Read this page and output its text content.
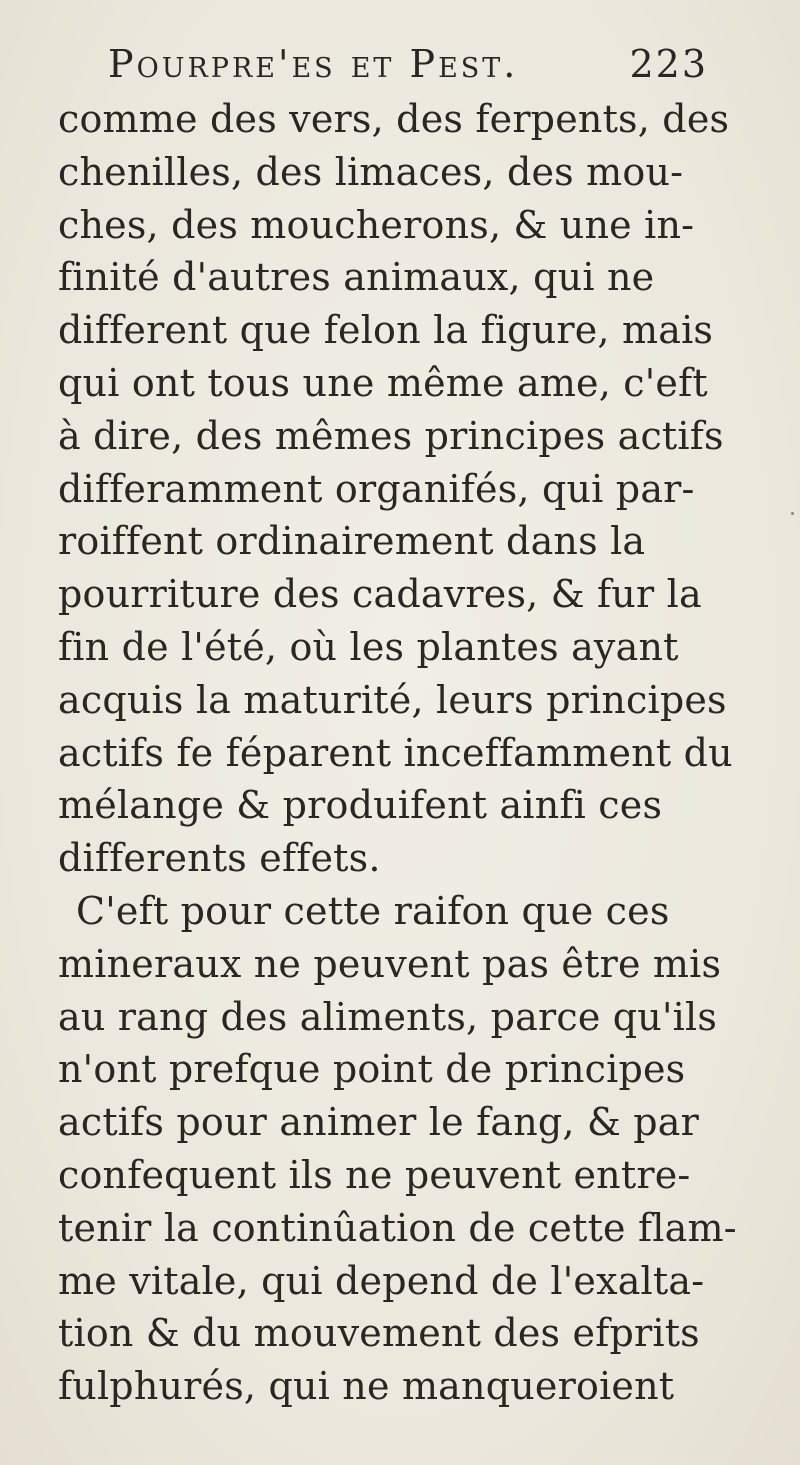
Pourpre'es et Pest.	223
comme des vers, des ferpents, des
chenilles, des limaces, des mou-
ches, des moucherons, & une in-
finité d'autres animaux, qui ne
different que felon la figure, mais
qui ont tous une même ame, c'eft
à dire, des mêmes principes actifs
differamment organifés, qui par-
roiffent ordinairement dans la
pourriture des cadavres, & fur la
fin de l'été, où les plantes ayant
acquis la maturité, leurs principes
actifs fe féparent inceffamment du
mélange & produifent ainfi ces
differents effets.
C'eft pour cette raifon que ces
mineraux ne peuvent pas être mis
au rang des aliments, parce qu'ils
n'ont prefque point de principes
actifs pour animer le fang, & par
confequent ils ne peuvent entre-
tenir la continûation de cette flam-
me vitale, qui depend de l'exalta-
tion & du mouvement des efprits
fulphurés, qui ne manqueroient
